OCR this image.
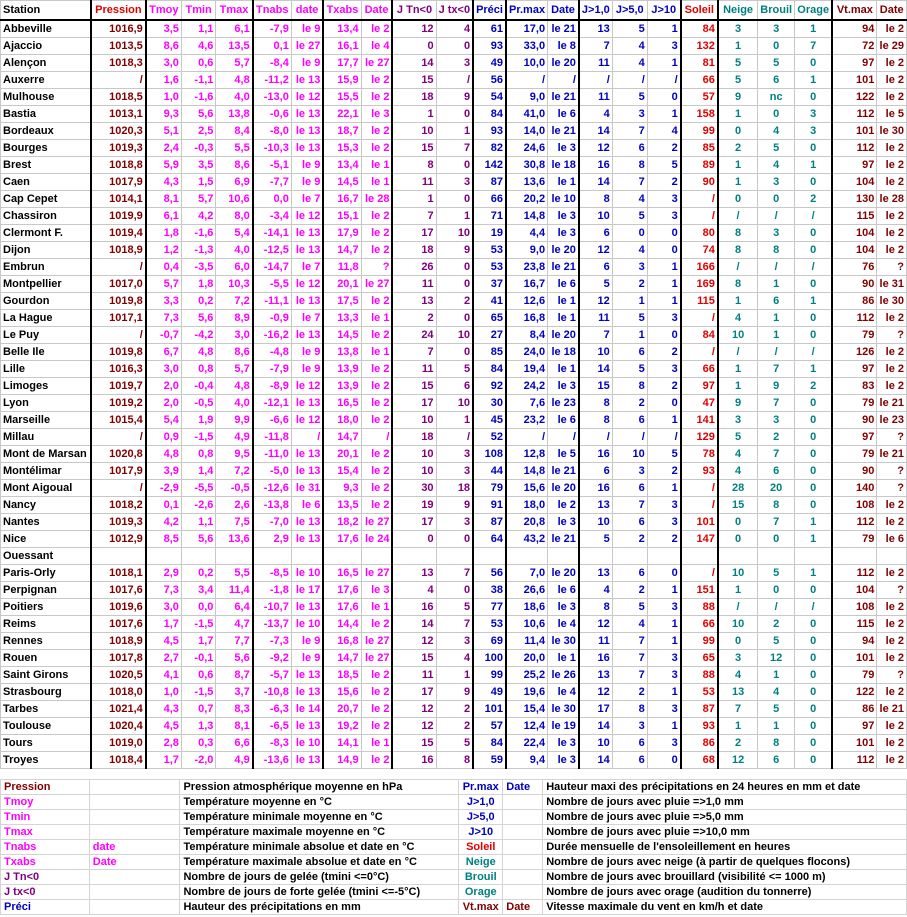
Station	Pression	Tmoy	Tmin	Tmax	Tnabs	date	Txabs	Date	J Tn<0	J tx<0	Préci	Pr.max	Date	J>1,0	J>5,0	J>10	Soleil	Neige	Brouil	Orage	Vt.max	Date
Abbeville	1016,9	3,5	1,1	6,1	-7,9	le 9	13,4	le 2	12	4	61	17,0	le 21	13	5	1	84	3	3	1	94	le 2
Ajaccio	1013,5	8,6	4,6	13,5	0,1	le 27	16,1	le 4	0	0	93	33,0	le 8	7	4	3	132	1	0	7	72	le 29
Alençon	1018,3	3,0	0,6	5,7	-8,4	le 9	17,7	le 27	14	3	49	10,0	le 20	11	4	1	81	5	5	0	97	le 2
Auxerre	/	1,6	-1,1	4,8	-11,2	le 13	15,9	le 2	15	/	56	/	/	/	/	/	66	5	6	1	101	le 2
Mulhouse	1018,5	1,0	-1,6	4,0	-13,0	le 12	15,5	le 2	18	9	54	9,0	le 21	11	5	0	57	9	nc	0	122	le 2
Bastia	1013,1	9,3	5,6	13,8	-0,6	le 13	22,1	le 3	1	0	84	41,0	le 6	4	3	1	158	1	0	3	112	le 5
Bordeaux	1020,3	5,1	2,5	8,4	-8,0	le 13	18,7	le 2	10	1	93	14,0	le 21	14	7	4	99	0	4	3	101	le 30
Bourges	1019,3	2,4	-0,3	5,5	-10,3	le 13	15,3	le 2	15	7	82	24,6	le 3	12	6	2	85	2	5	0	112	le 2
Brest	1018,8	5,9	3,5	8,6	-5,1	le 9	13,4	le 1	8	0	142	30,8	le 18	16	8	5	89	1	4	1	97	le 2
Caen	1017,9	4,3	1,5	6,9	-7,7	le 9	14,5	le 1	11	3	87	13,6	le 1	14	7	2	90	1	3	0	104	le 2
Cap Cepet	1014,1	8,1	5,7	10,6	0,0	le 7	16,7	le 28	1	0	66	20,2	le 10	8	4	3	/	0	0	2	130	le 28
Chassiron	1019,9	6,1	4,2	8,0	-3,4	le 12	15,1	le 2	7	1	71	14,8	le 3	10	5	3	/	/	/	/	115	le 2
Clermont F.	1019,4	1,8	-1,6	5,4	-14,1	le 13	17,9	le 2	17	10	19	4,4	le 3	6	0	0	80	8	3	0	104	le 2
Dijon	1018,9	1,2	-1,3	4,0	-12,5	le 13	14,7	le 2	18	9	53	9,0	le 20	12	4	0	74	8	8	0	104	le 2
Embrun	/	0,4	-3,5	6,0	-14,7	le 7	11,8	?	26	0	53	23,8	le 21	6	3	1	166	/	/	/	76	?
Montpellier	1017,0	5,7	1,8	10,3	-5,5	le 12	20,1	le 27	11	0	37	16,7	le 6	5	2	1	169	8	1	0	90	le 31
Gourdon	1019,8	3,3	0,2	7,2	-11,1	le 13	17,5	le 2	13	2	41	12,6	le 1	12	1	1	115	1	6	1	86	le 30
La Hague	1017,1	7,3	5,6	8,9	-0,9	le 7	13,3	le 1	2	0	65	16,8	le 1	11	5	3	/	4	1	0	112	le 2
Le Puy	/	-0,7	-4,2	3,0	-16,2	le 13	14,5	le 2	24	10	27	8,4	le 20	7	1	0	84	10	1	0	79	?
Belle Ile	1019,8	6,7	4,8	8,6	-4,8	le 9	13,8	le 1	7	0	85	24,0	le 18	10	6	2	/	/	/	/	126	le 2
Lille	1016,3	3,0	0,8	5,7	-7,9	le 9	13,9	le 2	11	5	84	19,4	le 1	14	5	3	66	1	7	1	97	le 2
Limoges	1019,7	2,0	-0,4	4,8	-8,9	le 12	13,9	le 2	15	6	92	24,2	le 3	15	8	2	97	1	9	2	83	le 2
Lyon	1019,2	2,0	-0,5	4,0	-12,1	le 13	16,5	le 2	17	10	30	7,6	le 23	8	2	0	47	9	7	0	79	le 21
Marseille	1015,4	5,4	1,9	9,9	-6,6	le 12	18,0	le 2	10	1	45	23,2	le 6	8	6	1	141	3	3	0	90	le 23
Millau	/	0,9	-1,5	4,9	-11,8	/	14,7	/	18	/	52	/	/	/	/	/	129	5	2	0	97	?
Mont de Marsan	1020,8	4,8	0,8	9,5	-11,0	le 13	20,1	le 2	10	3	108	12,8	le 5	16	10	5	78	4	7	0	79	le 21
Montélimar	1017,9	3,9	1,4	7,2	-5,0	le 13	15,4	le 2	10	3	44	14,8	le 21	6	3	2	93	4	6	0	90	?
Mont Aigoual	/	-2,9	-5,5	-0,5	-12,6	le 31	9,3	le 2	30	18	79	15,6	le 20	16	6	1	/	28	20	0	140	?
Nancy	1018,2	0,1	-2,6	2,6	-13,8	le 6	13,5	le 2	19	9	91	18,0	le 2	13	7	3	/	15	8	0	108	le 2
Nantes	1019,3	4,2	1,1	7,5	-7,0	le 13	18,2	le 27	17	3	87	20,8	le 3	10	6	3	101	0	7	1	112	le 2
Nice	1012,9	8,5	5,6	13,6	2,9	le 13	17,6	le 24	0	0	64	43,2	le 21	5	2	2	147	0	0	1	79	le 6
Ouessant																						
Paris-Orly	1018,1	2,9	0,2	5,5	-8,5	le 10	16,5	le 27	13	7	56	7,0	le 20	13	6	0	/	10	5	1	112	le 2
Perpignan	1017,6	7,3	3,4	11,4	-1,8	le 17	17,6	le 3	4	0	38	26,6	le 6	4	2	1	151	1	0	0	104	?
Poitiers	1019,6	3,0	0,0	6,4	-10,7	le 13	17,6	le 1	16	5	77	18,6	le 3	8	5	3	88	/	/	/	108	le 2
Reims	1017,6	1,7	-1,5	4,7	-13,7	le 10	14,4	le 2	14	7	53	10,6	le 4	12	4	1	66	10	2	0	115	le 2
Rennes	1018,9	4,5	1,7	7,7	-7,3	le 9	16,8	le 27	12	3	69	11,4	le 30	11	7	1	99	0	5	0	94	le 2
Rouen	1017,8	2,7	-0,1	5,6	-9,2	le 9	14,7	le 27	15	4	100	20,0	le 1	16	7	3	65	3	12	0	101	le 2
Saint Girons	1020,5	4,1	0,6	8,7	-5,7	le 13	18,5	le 2	11	1	99	25,2	le 26	13	7	3	88	4	1	0	79	?
Strasbourg	1018,0	1,0	-1,5	3,7	-10,8	le 13	15,6	le 2	17	9	49	19,6	le 4	12	2	1	53	13	4	0	122	le 2
Tarbes	1021,4	4,3	0,7	8,3	-6,3	le 14	20,7	le 2	12	2	101	15,4	le 30	17	8	3	87	7	5	0	86	le 21
Toulouse	1020,4	4,5	1,3	8,1	-6,5	le 13	19,2	le 2	12	2	57	12,4	le 19	14	3	1	93	1	1	0	97	le 2
Tours	1019,0	2,8	0,3	6,6	-8,3	le 10	14,1	le 1	15	5	84	22,4	le 3	10	6	3	86	2	8	0	101	le 2
Troyes	1018,4	1,7	-2,0	4,9	-13,6	le 13	14,9	le 2	16	8	59	9,4	le 3	14	6	0	68	12	6	0	112	le 2
Pression		Pression atmosphérique moyenne en hPa	Pr.max	Date	Hauteur maxi des précipitations en 24 heures en mm et date
Tmoy		Température moyenne en °C	J>1,0		Nombre de jours avec pluie =>1,0 mm
Tmin		Température minimale moyenne en °C	J>5,0		Nombre de jours avec pluie =>5,0 mm
Tmax		Température maximale moyenne en °C	J>10		Nombre de jours avec pluie =>10,0 mm
Tnabs	date	Température minimale absolue et date en °C	Soleil		Durée mensuelle de l'ensoleillement en heures
Txabs	Date	Température maximale absolue et date en °C	Neige		Nombre de jours avec neige (à partir de quelques flocons)
J Tn<0		Nombre de jours de gelée (tmini <=0°C)	Brouil		Nombre de jours avec brouillard (visibilité <= 1000 m)
J tx<0		Nombre de jours de forte gelée (tmini <=-5°C)	Orage		Nombre de jours avec orage (audition du tonnerre)
Préci		Hauteur des précipitations en mm	Vt.max	Date	Vitesse maximale du vent en km/h et date
